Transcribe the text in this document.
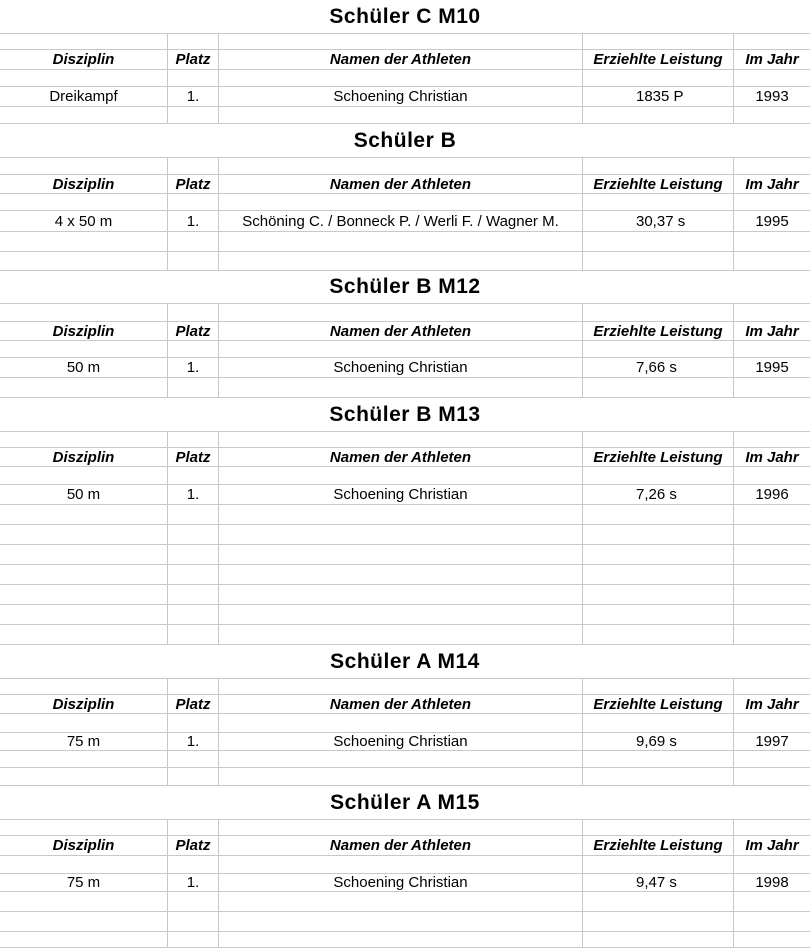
Schüler C M10
Disziplin	Platz	Namen der Athleten	Erziehlte Leistung	Im Jahr
Dreikampf	1.	Schoening Christian	1835 P	1993
Schüler B
Disziplin	Platz	Namen der Athleten	Erziehlte Leistung	Im Jahr
4 x 50 m	1.	Schöning C. / Bonneck P. / Werli F. / Wagner M.	30,37 s	1995
Schüler B M12
Disziplin	Platz	Namen der Athleten	Erziehlte Leistung	Im Jahr
50 m	1.	Schoening Christian	7,66 s	1995
Schüler B M13
Disziplin	Platz	Namen der Athleten	Erziehlte Leistung	Im Jahr
50 m	1.	Schoening Christian	7,26 s	1996
Schüler A M14
Disziplin	Platz	Namen der Athleten	Erziehlte Leistung	Im Jahr
75 m	1.	Schoening Christian	9,69 s	1997
Schüler A M15
Disziplin	Platz	Namen der Athleten	Erziehlte Leistung	Im Jahr
75 m	1.	Schoening Christian	9,47 s	1998
